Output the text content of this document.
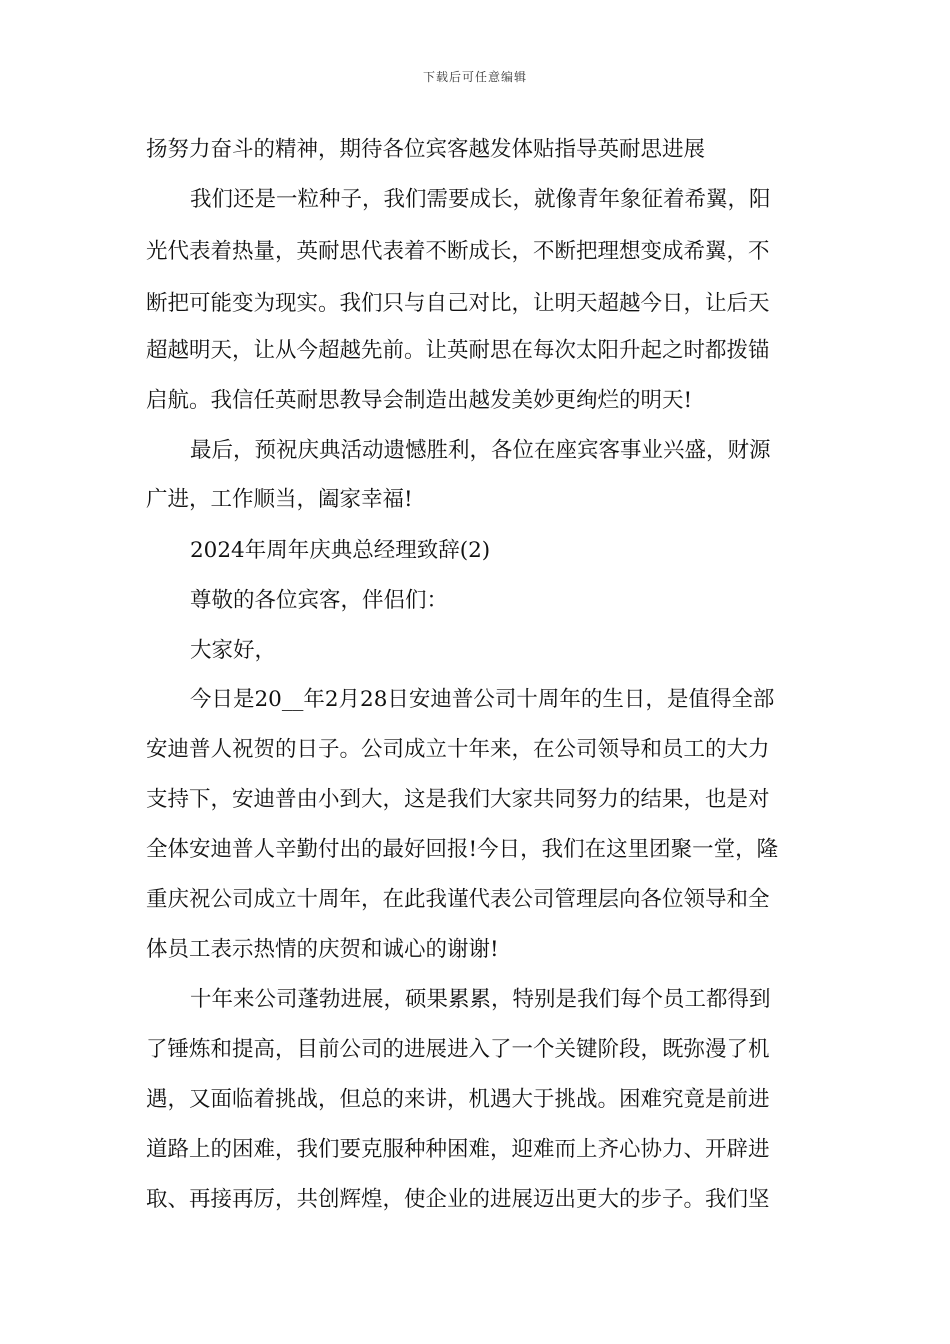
下载后可任意编辑
扬努力奋斗的精神，期待各位宾客越发体贴指导英耐思进展
我们还是一粒种子，我们需要成长，就像青年象征着希翼，阳
光代表着热量，英耐思代表着不断成长，不断把理想变成希翼，不
断把可能变为现实。我们只与自己对比，让明天超越今日，让后天
超越明天，让从今超越先前。让英耐思在每次太阳升起之时都拨锚
启航。我信任英耐思教导会制造出越发美妙更绚烂的明天!
最后，预祝庆典活动遗憾胜利，各位在座宾客事业兴盛，财源
广进，工作顺当，阖家幸福!
2024年周年庆典总经理致辞(2)
尊敬的各位宾客，伴侣们：
大家好，
今日是20__年2月28日安迪普公司十周年的生日，是值得全部
安迪普人祝贺的日子。公司成立十年来，在公司领导和员工的大力
支持下，安迪普由小到大，这是我们大家共同努力的结果，也是对
全体安迪普人辛勤付出的最好回报!今日，我们在这里团聚一堂，隆
重庆祝公司成立十周年，在此我谨代表公司管理层向各位领导和全
体员工表示热情的庆贺和诚心的谢谢!
十年来公司蓬勃进展，硕果累累，特别是我们每个员工都得到
了锤炼和提高，目前公司的进展进入了一个关键阶段，既弥漫了机
遇，又面临着挑战，但总的来讲，机遇大于挑战。困难究竟是前进
道路上的困难，我们要克服种种困难，迎难而上齐心协力、开辟进
取、再接再厉，共创辉煌，使企业的进展迈出更大的步子。我们坚
